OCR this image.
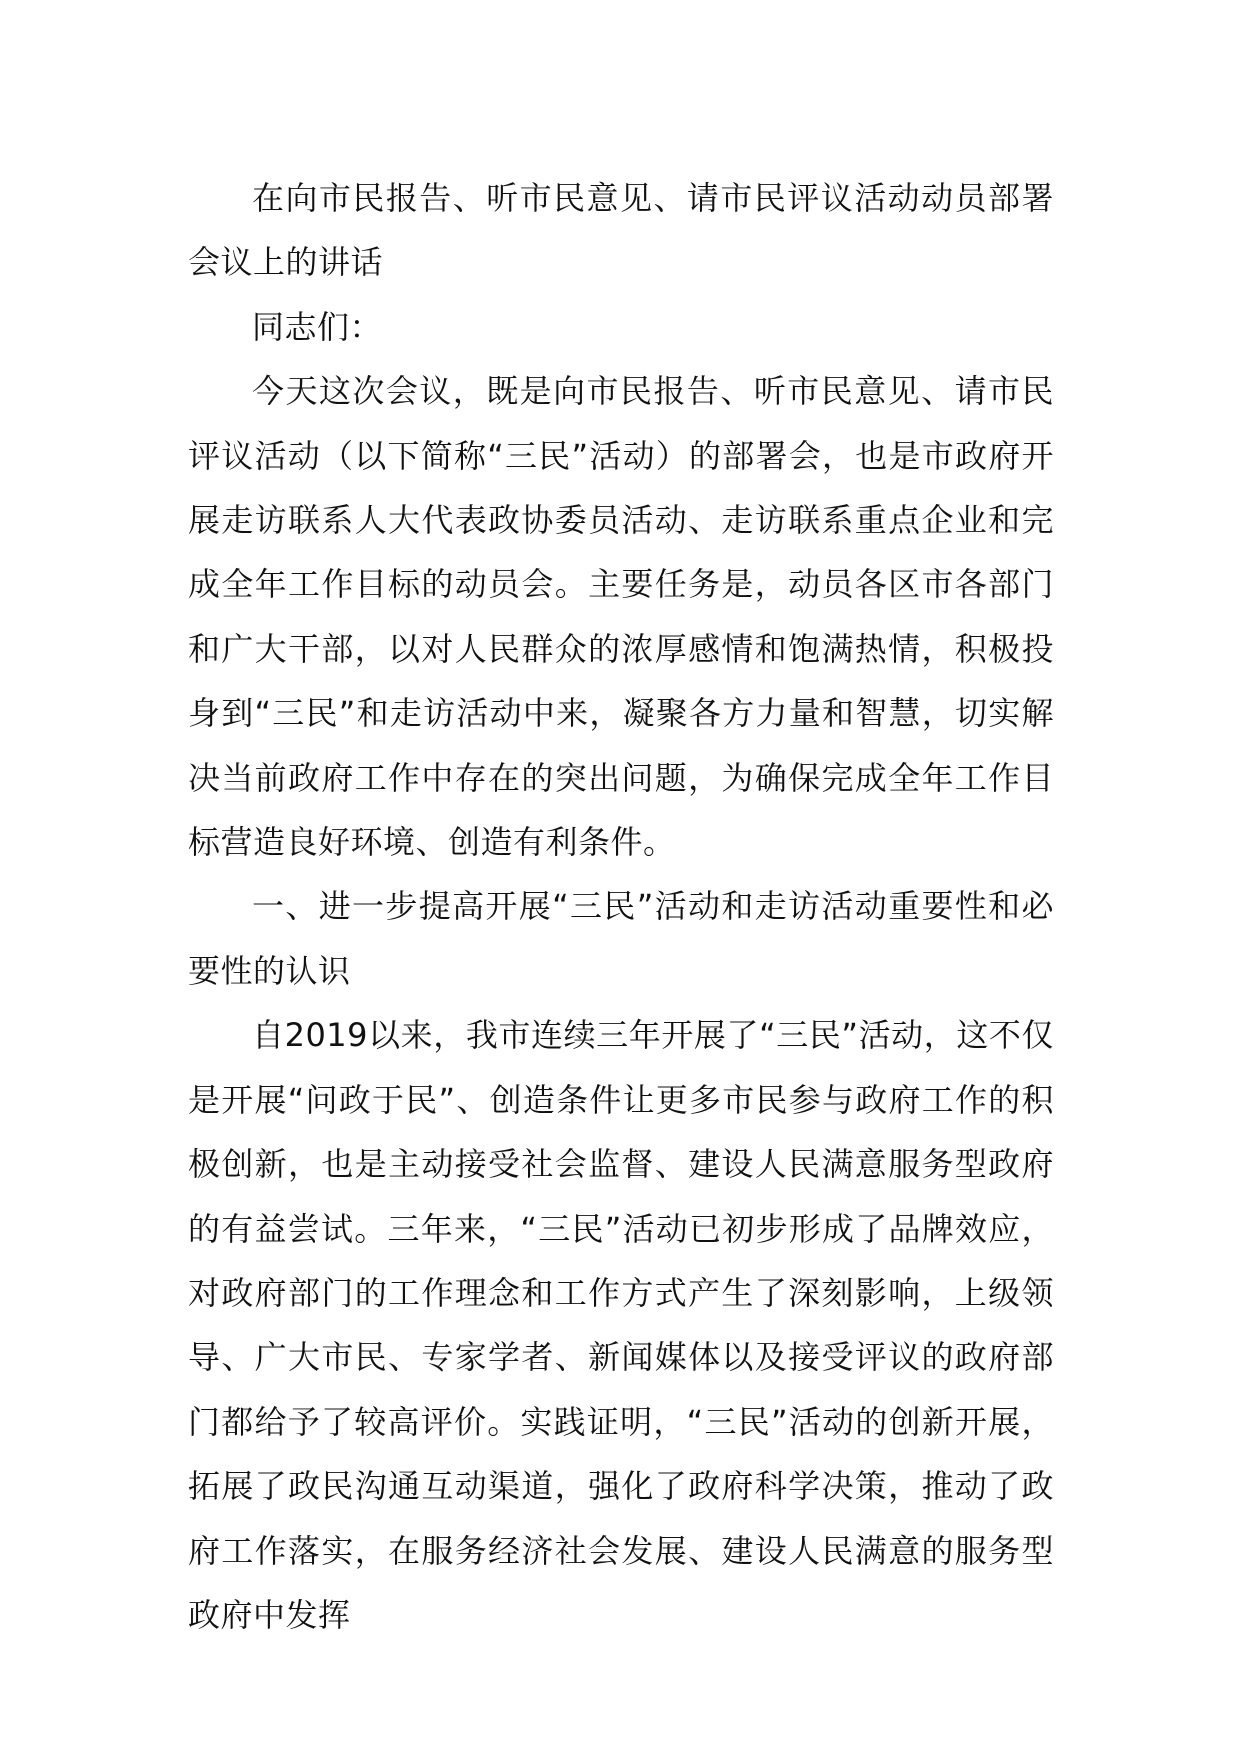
在向市民报告、听市民意见、请市民评议活动动员部署会议上的讲话

同志们：

今天这次会议，既是向市民报告、听市民意见、请市民评议活动（以下简称“三民”活动）的部署会，也是市政府开展走访联系人大代表政协委员活动、走访联系重点企业和完成全年工作目标的动员会。主要任务是，动员各区市各部门和广大干部，以对人民群众的浓厚感情和饱满热情，积极投身到“三民”和走访活动中来，凝聚各方力量和智慧，切实解决当前政府工作中存在的突出问题，为确保完成全年工作目标营造良好环境、创造有利条件。

一、进一步提高开展“三民”活动和走访活动重要性和必要性的认识

自2019以来，我市连续三年开展了“三民”活动，这不仅是开展“问政于民”、创造条件让更多市民参与政府工作的积极创新，也是主动接受社会监督、建设人民满意服务型政府的有益尝试。三年来，“三民”活动已初步形成了品牌效应，对政府部门的工作理念和工作方式产生了深刻影响，上级领导、广大市民、专家学者、新闻媒体以及接受评议的政府部门都给予了较高评价。实践证明，“三民”活动的创新开展，拓展了政民沟通互动渠道，强化了政府科学决策，推动了政府工作落实，在服务经济社会发展、建设人民满意的服务型政府中发挥
